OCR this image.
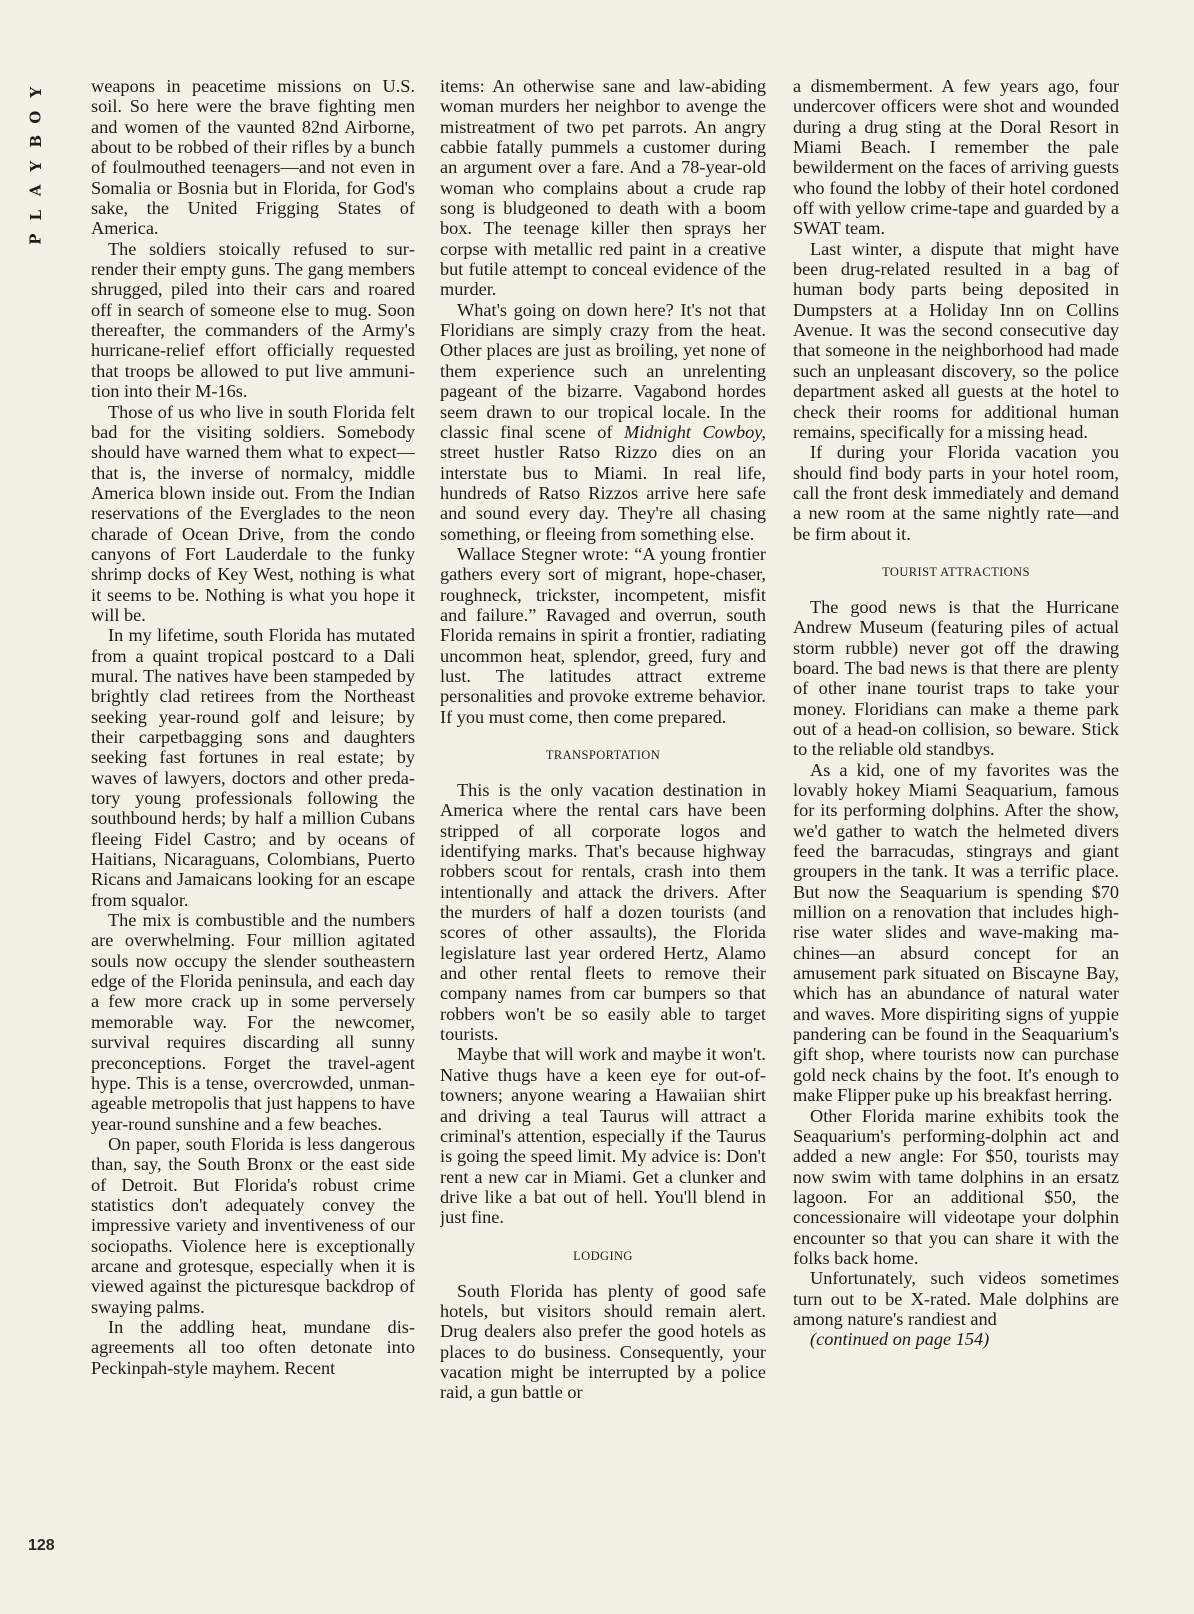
Y
O
B
Y
A
L
P
128

weapons in peacetime missions on U.S. soil. So here were the brave fighting men and women of the vaunted 82nd Airborne, about to be robbed of their rifles by a bunch of foulmouthed teenagers—and not even in Somalia or Bosnia but in Florida, for God's sake, the United Frigging States of America.

The soldiers stoically refused to surrender their empty guns. The gang members shrugged, piled into their cars and roared off in search of someone else to mug. Soon thereafter, the commanders of the Army's hurricane-relief effort officially requested that troops be allowed to put live ammunition into their M-16s.

Those of us who live in south Florida felt bad for the visiting soldiers. Somebody should have warned them what to expect—that is, the inverse of normalcy, middle America blown inside out. From the Indian reservations of the Everglades to the neon charade of Ocean Drive, from the condo canyons of Fort Lauderdale to the funky shrimp docks of Key West, nothing is what it seems to be. Nothing is what you hope it will be.

In my lifetime, south Florida has mutated from a quaint tropical postcard to a Dali mural. The natives have been stampeded by brightly clad retirees from the Northeast seeking year-round golf and leisure; by their carpetbagging sons and daughters seeking fast fortunes in real estate; by waves of lawyers, doctors and other predatory young professionals following the southbound herds; by half a million Cubans fleeing Fidel Castro; and by oceans of Haitians, Nicaraguans, Colombians, Puerto Ricans and Jamaicans looking for an escape from squalor.

The mix is combustible and the numbers are overwhelming. Four million agitated souls now occupy the slender southeastern edge of the Florida peninsula, and each day a few more crack up in some perversely memorable way. For the newcomer, survival requires discarding all sunny preconceptions. Forget the travel-agent hype. This is a tense, overcrowded, unmanageable metropolis that just happens to have year-round sunshine and a few beaches.

On paper, south Florida is less dangerous than, say, the South Bronx or the east side of Detroit. But Florida's robust crime statistics don't adequately convey the impressive variety and inventiveness of our sociopaths. Violence here is exceptionally arcane and grotesque, especially when it is viewed against the picturesque backdrop of swaying palms.

In the addling heat, mundane disagreements all too often detonate into Peckinpah-style mayhem. Recent

items: An otherwise sane and law-abiding woman murders her neighbor to avenge the mistreatment of two pet parrots. An angry cabbie fatally pummels a customer during an argument over a fare. And a 78-year-old woman who complains about a crude rap song is bludgeoned to death with a boom box. The teenage killer then sprays her corpse with metallic red paint in a creative but futile attempt to conceal evidence of the murder.

What's going on down here? It's not that Floridians are simply crazy from the heat. Other places are just as broiling, yet none of them experience such an unrelenting pageant of the bizarre. Vagabond hordes seem drawn to our tropical locale. In the classic final scene of Midnight Cowboy, street hustler Ratso Rizzo dies on an interstate bus to Miami. In real life, hundreds of Ratso Rizzos arrive here safe and sound every day. They're all chasing something, or fleeing from something else.

Wallace Stegner wrote: “A young frontier gathers every sort of migrant, hope-chaser, roughneck, trickster, incompetent, misfit and failure.” Ravaged and overrun, south Florida remains in spirit a frontier, radiating uncommon heat, splendor, greed, fury and lust. The latitudes attract extreme personalities and provoke extreme behavior. If you must come, then come prepared.

TRANSPORTATION

This is the only vacation destination in America where the rental cars have been stripped of all corporate logos and identifying marks. That's because highway robbers scout for rentals, crash into them intentionally and attack the drivers. After the murders of half a dozen tourists (and scores of other assaults), the Florida legislature last year ordered Hertz, Alamo and other rental fleets to remove their company names from car bumpers so that robbers won't be so easily able to target tourists.

Maybe that will work and maybe it won't. Native thugs have a keen eye for out-of-towners; anyone wearing a Hawaiian shirt and driving a teal Taurus will attract a criminal's attention, especially if the Taurus is going the speed limit. My advice is: Don't rent a new car in Miami. Get a clunker and drive like a bat out of hell. You'll blend in just fine.

LODGING

South Florida has plenty of good safe hotels, but visitors should remain alert. Drug dealers also prefer the good hotels as places to do business. Consequently, your vacation might be interrupted by a police raid, a gun battle or

a dismemberment. A few years ago, four undercover officers were shot and wounded during a drug sting at the Doral Resort in Miami Beach. I remember the pale bewilderment on the faces of arriving guests who found the lobby of their hotel cordoned off with yellow crime-tape and guarded by a SWAT team.

Last winter, a dispute that might have been drug-related resulted in a bag of human body parts being deposited in Dumpsters at a Holiday Inn on Collins Avenue. It was the second consecutive day that someone in the neighborhood had made such an unpleasant discovery, so the police department asked all guests at the hotel to check their rooms for additional human remains, specifically for a missing head.

If during your Florida vacation you should find body parts in your hotel room, call the front desk immediately and demand a new room at the same nightly rate—and be firm about it.

TOURIST ATTRACTIONS

The good news is that the Hurricane Andrew Museum (featuring piles of actual storm rubble) never got off the drawing board. The bad news is that there are plenty of other inane tourist traps to take your money. Floridians can make a theme park out of a head-on collision, so beware. Stick to the reliable old standbys.

As a kid, one of my favorites was the lovably hokey Miami Seaquarium, famous for its performing dolphins. After the show, we'd gather to watch the helmeted divers feed the barracudas, stingrays and giant groupers in the tank. It was a terrific place. But now the Seaquarium is spending $70 million on a renovation that includes high-rise water slides and wave-making machines—an absurd concept for an amusement park situated on Biscayne Bay, which has an abundance of natural water and waves. More dispiriting signs of yuppie pandering can be found in the Seaquarium's gift shop, where tourists now can purchase gold neck chains by the foot. It's enough to make Flipper puke up his breakfast herring.

Other Florida marine exhibits took the Seaquarium's performing-dolphin act and added a new angle: For $50, tourists may now swim with tame dolphins in an ersatz lagoon. For an additional $50, the concessionaire will videotape your dolphin encounter so that you can share it with the folks back home.

Unfortunately, such videos sometimes turn out to be X-rated. Male dolphins are among nature's randiest and

(continued on page 154)
